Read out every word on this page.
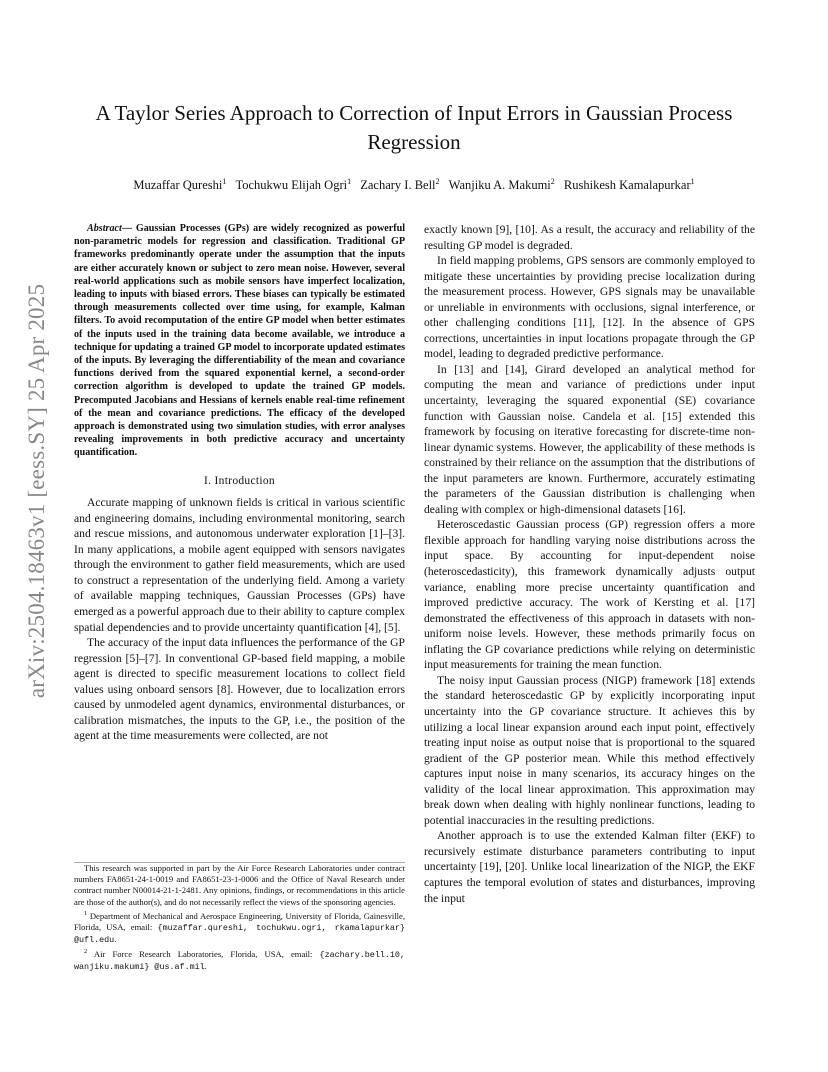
arXiv:2504.18463v1 [eess.SY] 25 Apr 2025
A Taylor Series Approach to Correction of Input Errors in Gaussian Process Regression
Muzaffar Qureshi$^1$ Tochukwu Elijah Ogri$^1$ Zachary I. Bell$^2$ Wanjiku A. Makumi$^2$ Rushikesh Kamalapurkar$^1$

Abstract— Gaussian Processes (GPs) are widely recognized as powerful non-parametric models for regression and classification. Traditional GP frameworks predominantly operate under the assumption that the inputs are either accurately known or subject to zero mean noise. However, several real-world applications such as mobile sensors have imperfect localization, leading to inputs with biased errors. These biases can typically be estimated through measurements collected over time using, for example, Kalman filters. To avoid recomputation of the entire GP model when better estimates of the inputs used in the training data become available, we introduce a technique for updating a trained GP model to incorporate updated estimates of the inputs. By leveraging the differentiability of the mean and covariance functions derived from the squared exponential kernel, a second-order correction algorithm is developed to update the trained GP models. Precomputed Jacobians and Hessians of kernels enable real-time refinement of the mean and covariance predictions. The efficacy of the developed approach is demonstrated using two simulation studies, with error analyses revealing improvements in both predictive accuracy and uncertainty quantification.

I. Introduction

Accurate mapping of unknown fields is critical in various scientific and engineering domains, including environmental monitoring, search and rescue missions, and autonomous underwater exploration [1]–[3]. In many applications, a mobile agent equipped with sensors navigates through the environment to gather field measurements, which are used to construct a representation of the underlying field. Among a variety of available mapping techniques, Gaussian Processes (GPs) have emerged as a powerful approach due to their ability to capture complex spatial dependencies and to provide uncertainty quantification [4], [5].

The accuracy of the input data influences the performance of the GP regression [5]–[7]. In conventional GP-based field mapping, a mobile agent is directed to specific measurement locations to collect field values using onboard sensors [8]. However, due to localization errors caused by unmodeled agent dynamics, environmental disturbances, or calibration mismatches, the inputs to the GP, i.e., the position of the agent at the time measurements were collected, are not

This research was supported in part by the Air Force Research Laboratories under contract numbers FA8651-24-1-0019 and FA8651-23-1-0006 and the Office of Naval Research under contract number N00014-21-1-2481. Any opinions, findings, or recommendations in this article are those of the author(s), and do not necessarily reflect the views of the sponsoring agencies.

$^1$ Department of Mechanical and Aerospace Engineering, University of Florida, Gainesville, Florida, USA, email: {muzaffar.qureshi, tochukwu.ogri, rkamalapurkar} @ufl.edu.

$^2$ Air Force Research Laboratories, Florida, USA, email: {zachary.bell.10, wanjiku.makumi} @us.af.mil.

exactly known [9], [10]. As a result, the accuracy and reliability of the resulting GP model is degraded.

In field mapping problems, GPS sensors are commonly employed to mitigate these uncertainties by providing precise localization during the measurement process. However, GPS signals may be unavailable or unreliable in environments with occlusions, signal interference, or other challenging conditions [11], [12]. In the absence of GPS corrections, uncertainties in input locations propagate through the GP model, leading to degraded predictive performance.

In [13] and [14], Girard developed an analytical method for computing the mean and variance of predictions under input uncertainty, leveraging the squared exponential (SE) covariance function with Gaussian noise. Candela et al. [15] extended this framework by focusing on iterative forecasting for discrete-time non-linear dynamic systems. However, the applicability of these methods is constrained by their reliance on the assumption that the distributions of the input parameters are known. Furthermore, accurately estimating the parameters of the Gaussian distribution is challenging when dealing with complex or high-dimensional datasets [16].

Heteroscedastic Gaussian process (GP) regression offers a more flexible approach for handling varying noise distributions across the input space. By accounting for input-dependent noise (heteroscedasticity), this framework dynamically adjusts output variance, enabling more precise uncertainty quantification and improved predictive accuracy. The work of Kersting et al. [17] demonstrated the effectiveness of this approach in datasets with non-uniform noise levels. However, these methods primarily focus on inflating the GP covariance predictions while relying on deterministic input measurements for training the mean function.

The noisy input Gaussian process (NIGP) framework [18] extends the standard heteroscedastic GP by explicitly incorporating input uncertainty into the GP covariance structure. It achieves this by utilizing a local linear expansion around each input point, effectively treating input noise as output noise that is proportional to the squared gradient of the GP posterior mean. While this method effectively captures input noise in many scenarios, its accuracy hinges on the validity of the local linear approximation. This approximation may break down when dealing with highly nonlinear functions, leading to potential inaccuracies in the resulting predictions.

Another approach is to use the extended Kalman filter (EKF) to recursively estimate disturbance parameters contributing to input uncertainty [19], [20]. Unlike local linearization of the NIGP, the EKF captures the temporal evolution of states and disturbances, improving the input
